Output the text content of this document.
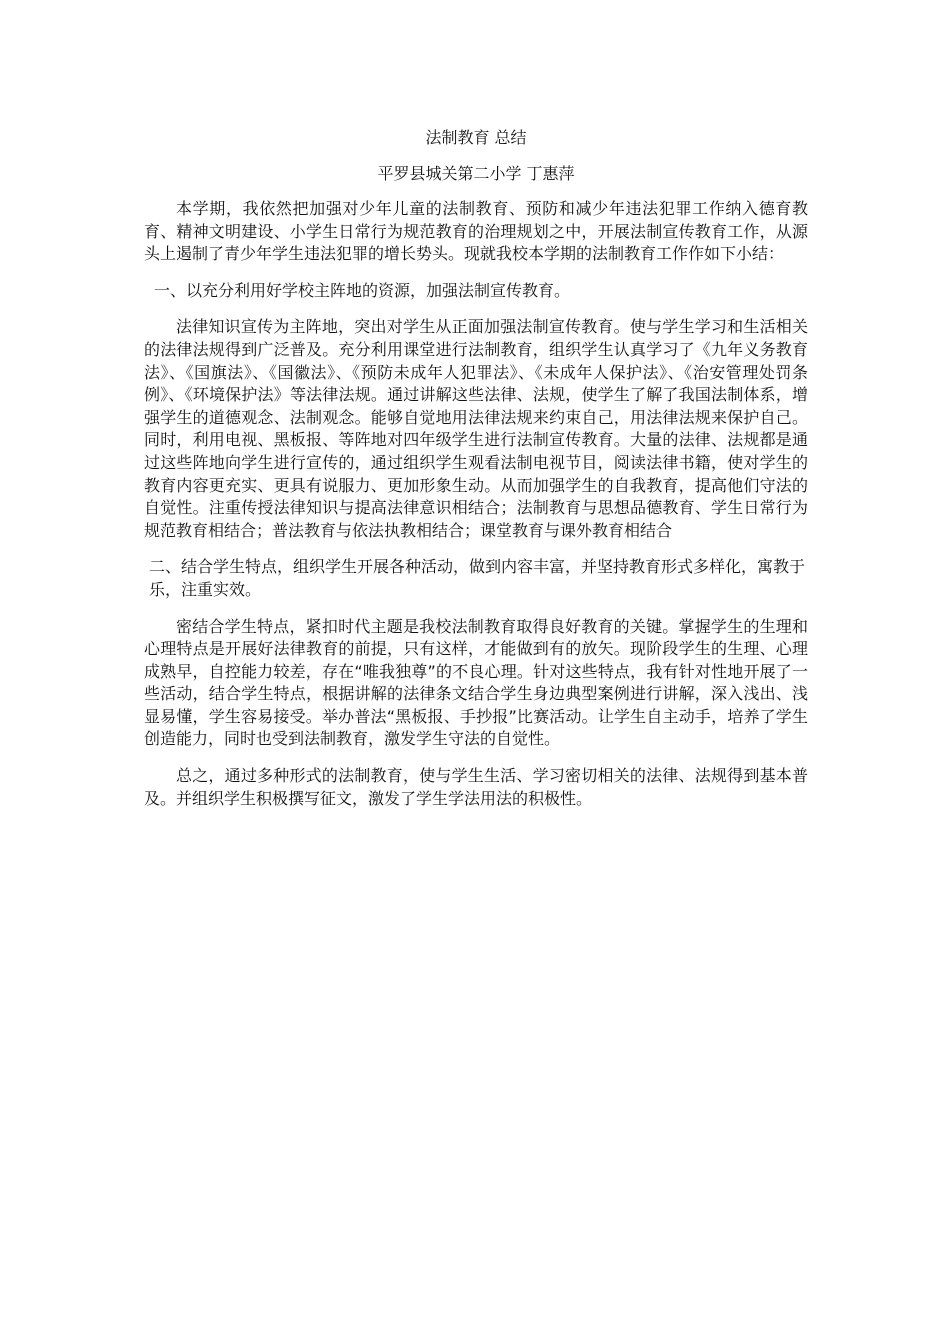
法制教育 总结
平罗县城关第二小学 丁惠萍

本学期，我依然把加强对少年儿童的法制教育、预防和减少年违法犯罪工作纳入德育教育、精神文明建设、小学生日常行为规范教育的治理规划之中，开展法制宣传教育工作，从源头上遏制了青少年学生违法犯罪的增长势头。现就我校本学期的法制教育工作作如下小结：

一、以充分利用好学校主阵地的资源，加强法制宣传教育。

法律知识宣传为主阵地，突出对学生从正面加强法制宣传教育。使与学生学习和生活相关的法律法规得到广泛普及。充分利用课堂进行法制教育，组织学生认真学习了《九年义务教育法》、《国旗法》、《国徽法》、《预防未成年人犯罪法》、《未成年人保护法》、《治安管理处罚条例》、《环境保护法》等法律法规。通过讲解这些法律、法规，使学生了解了我国法制体系，增强学生的道德观念、法制观念。能够自觉地用法律法规来约束自己，用法律法规来保护自己。同时，利用电视、黑板报、等阵地对四年级学生进行法制宣传教育。大量的法律、法规都是通过这些阵地向学生进行宣传的，通过组织学生观看法制电视节目，阅读法律书籍，使对学生的教育内容更充实、更具有说服力、更加形象生动。从而加强学生的自我教育，提高他们守法的自觉性。注重传授法律知识与提高法律意识相结合；法制教育与思想品德教育、学生日常行为规范教育相结合；普法教育与依法执教相结合；课堂教育与课外教育相结合

二、结合学生特点，组织学生开展各种活动，做到内容丰富，并坚持教育形式多样化，寓教于乐，注重实效。

密结合学生特点，紧扣时代主题是我校法制教育取得良好教育的关键。掌握学生的生理和心理特点是开展好法律教育的前提，只有这样，才能做到有的放矢。现阶段学生的生理、心理成熟早，自控能力较差，存在“唯我独尊”的不良心理。针对这些特点，我有针对性地开展了一些活动，结合学生特点，根据讲解的法律条文结合学生身边典型案例进行讲解，深入浅出、浅显易懂，学生容易接受。举办普法“黑板报、手抄报”比赛活动。让学生自主动手，培养了学生创造能力，同时也受到法制教育，激发学生守法的自觉性。

总之，通过多种形式的法制教育，使与学生生活、学习密切相关的法律、法规得到基本普及。并组织学生积极撰写征文，激发了学生学法用法的积极性。
